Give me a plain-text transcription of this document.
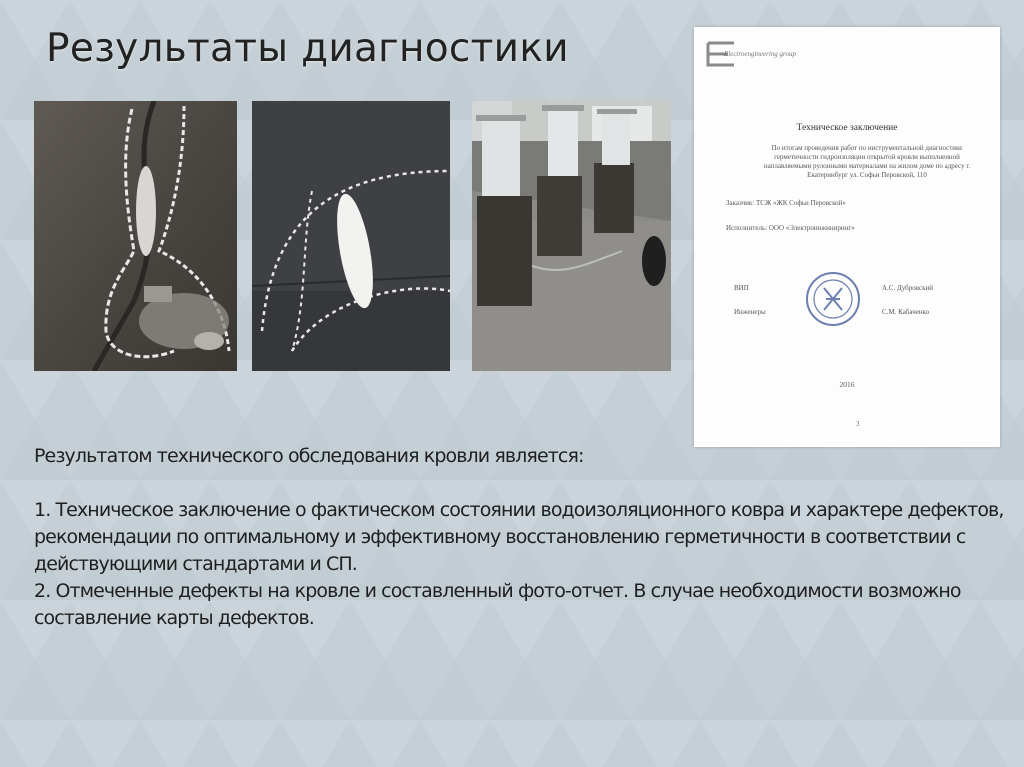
Результаты диагностики	Electroengineering group
Техническое заключение
По итогам проведения работ по инструментальной диагностике герметичности гидроизоляции открытой кровли выполненной наплавляемыми рулонными материалами на жилом доме по адресу г. Екатеринбург ул. Софьи Перовской, 110
Заказчик: ТСЖ «ЖК Софьи Перовской»
Исполнитель: ООО «Электроинжиниринг»
ВИП
Инженеры
А.С. Дубровский
С.М. Кабаченко
2016
3

Результатом технического обследования кровли является:

1. Техническое заключение о фактическом состоянии водоизоляционного ковра и характере дефектов, рекомендации по оптимальному и эффективному восстановлению герметичности в соответствии с действующими стандартами и СП.

2. Отмеченные дефекты на кровле и составленный фото-отчет. В случае необходимости возможно составление карты дефектов.
